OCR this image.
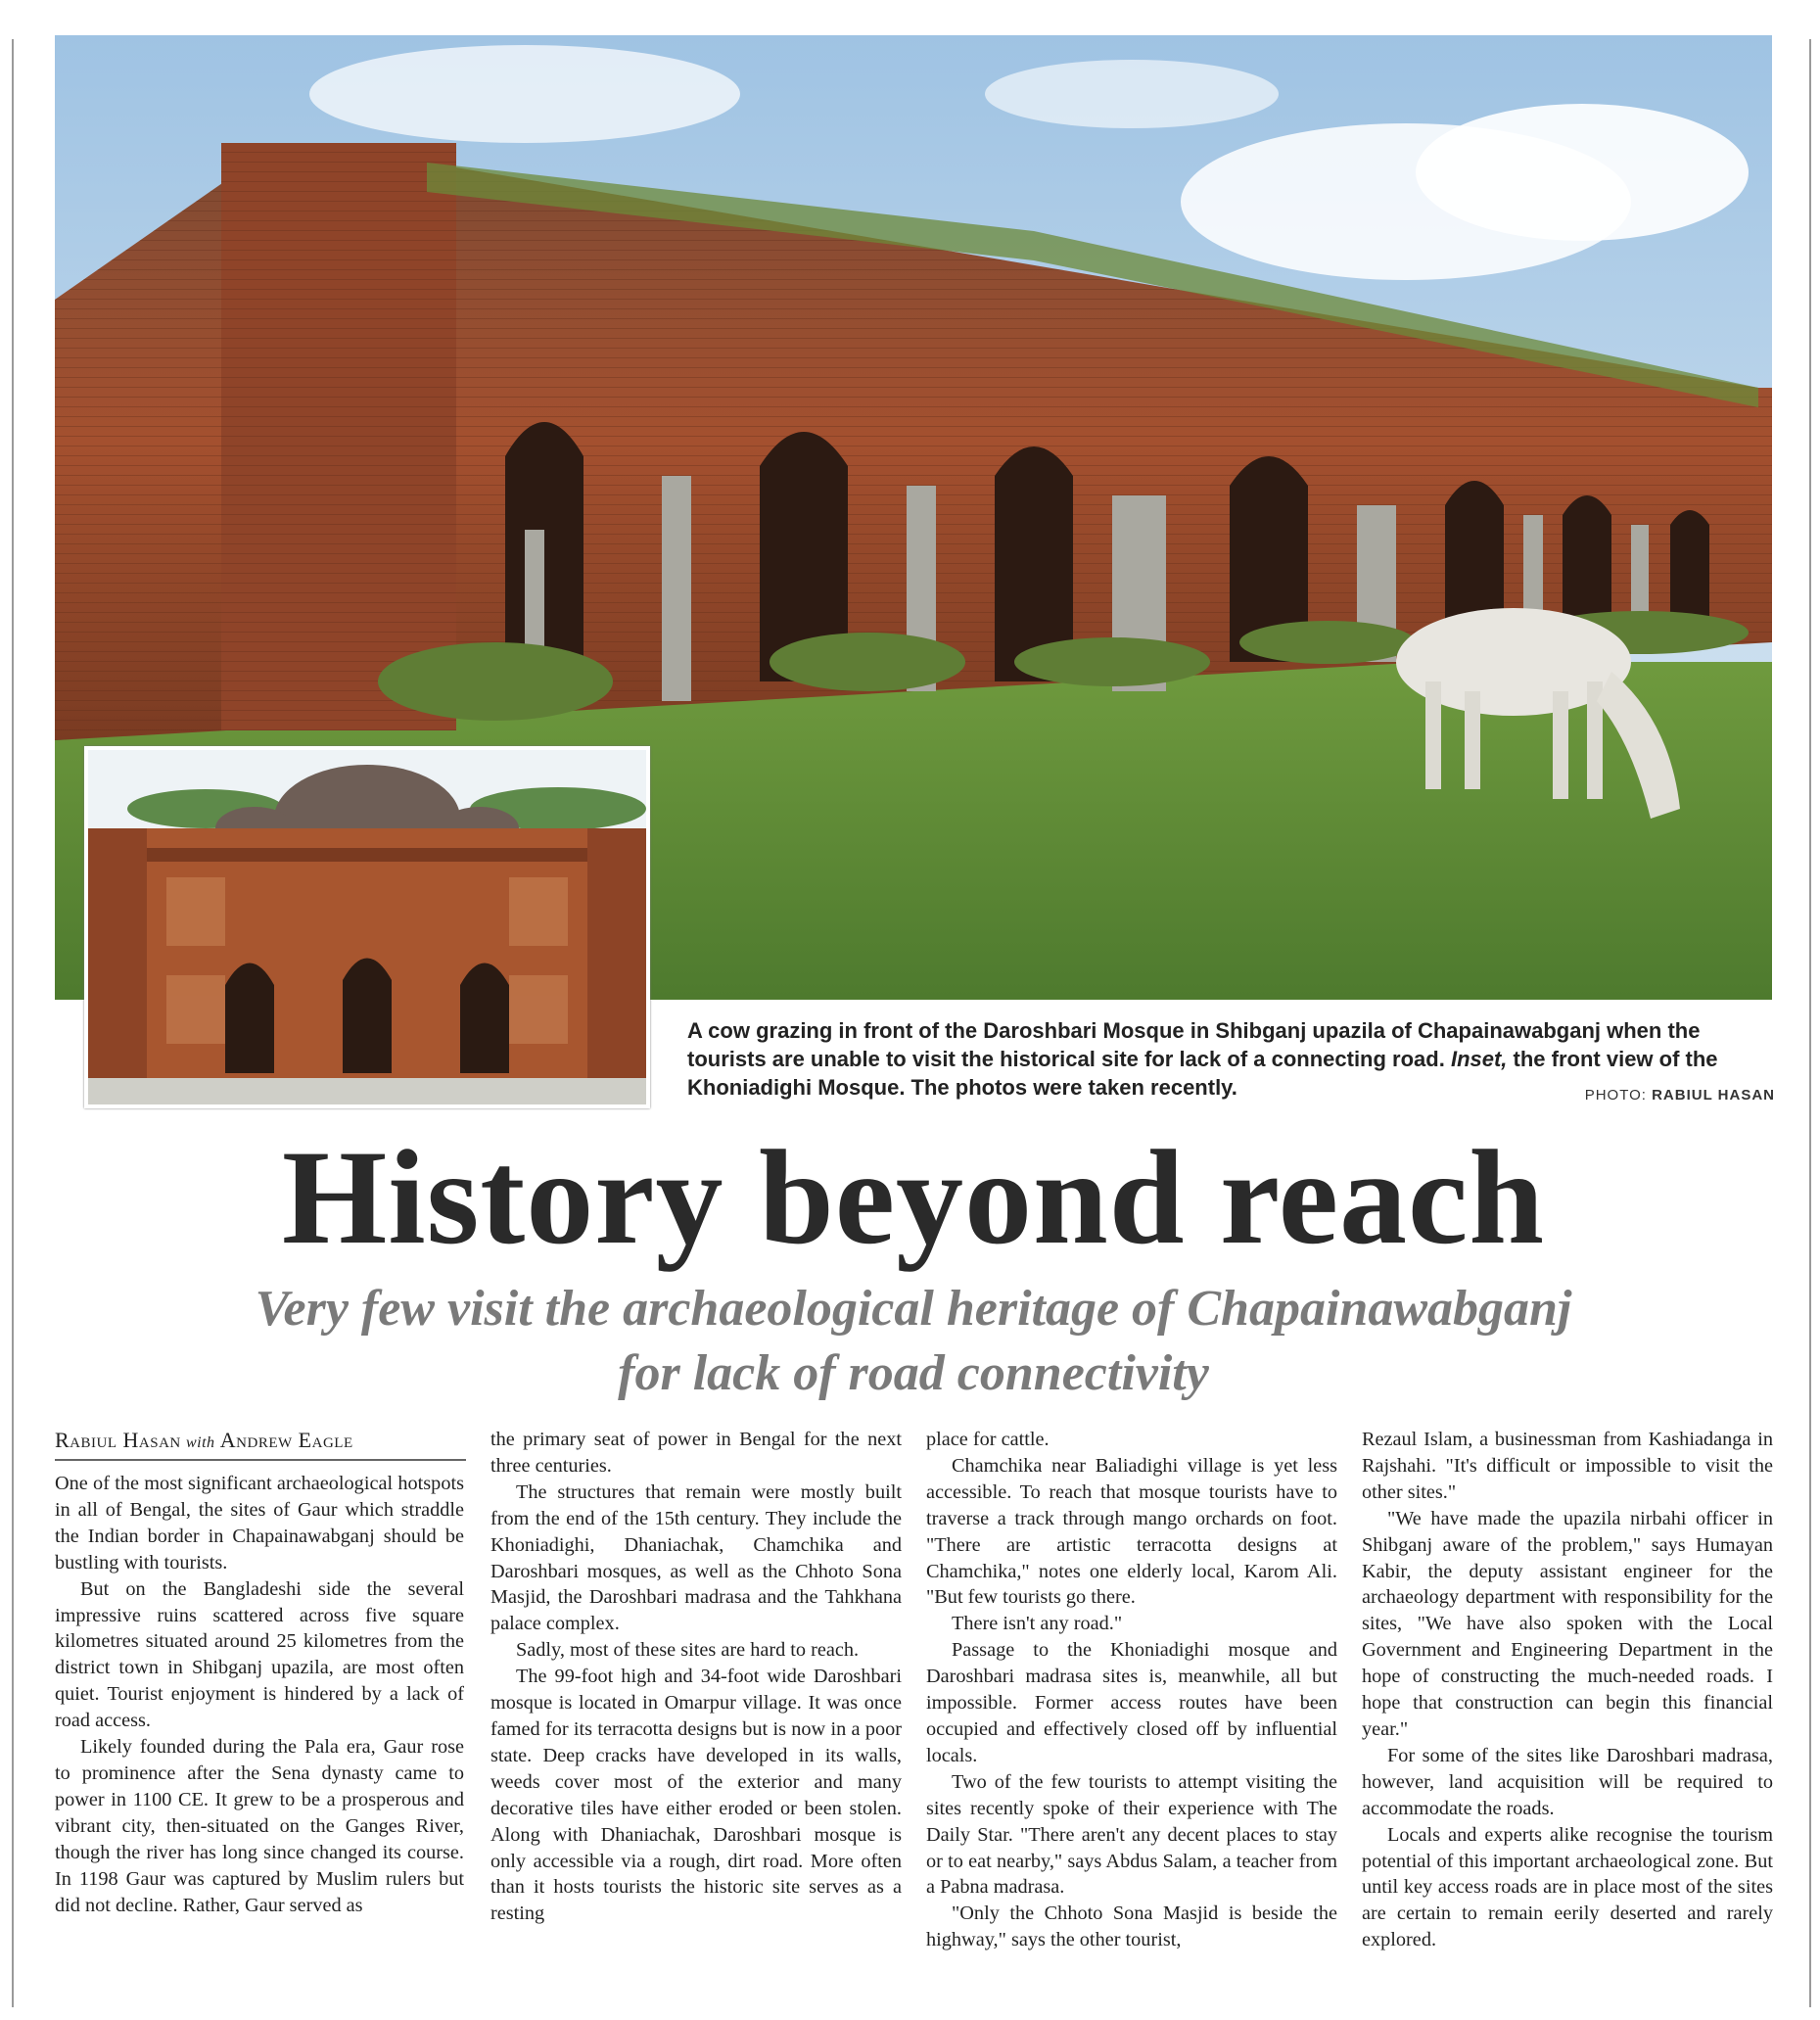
A cow grazing in front of the Daroshbari Mosque in Shibganj upazila of Chapainawabganj when the tourists are unable to visit the historical site for lack of a connecting road. Inset, the front view of the Khoniadighi Mosque. The photos were taken recently.	PHOTO: RABIUL HASAN
History beyond reach
Very few visit the archaeological heritage of Chapainawabganj
for lack of road connectivity
Rabiul Hasan with Andrew Eagle

One of the most significant archaeological hotspots in all of Bengal, the sites of Gaur which straddle the Indian border in Chapainawabganj should be bustling with tourists.

But on the Bangladeshi side the several impressive ruins scattered across five square kilometres situated around 25 kilometres from the district town in Shibganj upazila, are most often quiet. Tourist enjoyment is hindered by a lack of road access.

Likely founded during the Pala era, Gaur rose to prominence after the Sena dynasty came to power in 1100 CE. It grew to be a prosperous and vibrant city, then-situated on the Ganges River, though the river has long since changed its course. In 1198 Gaur was captured by Muslim rulers but did not decline. Rather, Gaur served as

the primary seat of power in Bengal for the next three centuries.

The structures that remain were mostly built from the end of the 15th century. They include the Khoniadighi, Dhaniachak, Chamchika and Daroshbari mosques, as well as the Chhoto Sona Masjid, the Daroshbari madrasa and the Tahkhana palace complex.

Sadly, most of these sites are hard to reach.

The 99-foot high and 34-foot wide Daroshbari mosque is located in Omarpur village. It was once famed for its terracotta designs but is now in a poor state. Deep cracks have developed in its walls, weeds cover most of the exterior and many decorative tiles have either eroded or been stolen. Along with Dhaniachak, Daroshbari mosque is only accessible via a rough, dirt road. More often than it hosts tourists the historic site serves as a resting

place for cattle.

Chamchika near Baliadighi village is yet less accessible. To reach that mosque tourists have to traverse a track through mango orchards on foot. "There are artistic terracotta designs at Chamchika," notes one elderly local, Karom Ali. "But few tourists go there.

There isn't any road."

Passage to the Khoniadighi mosque and Daroshbari madrasa sites is, meanwhile, all but impossible. Former access routes have been occupied and effectively closed off by influential locals.

Two of the few tourists to attempt visiting the sites recently spoke of their experience with The Daily Star. "There aren't any decent places to stay or to eat nearby," says Abdus Salam, a teacher from a Pabna madrasa.

"Only the Chhoto Sona Masjid is beside the highway," says the other tourist,

Rezaul Islam, a businessman from Kashiadanga in Rajshahi. "It's difficult or impossible to visit the other sites."

"We have made the upazila nirbahi officer in Shibganj aware of the problem," says Humayan Kabir, the deputy assistant engineer for the archaeology department with responsibility for the sites, "We have also spoken with the Local Government and Engineering Department in the hope of constructing the much-needed roads. I hope that construction can begin this financial year."

For some of the sites like Daroshbari madrasa, however, land acquisition will be required to accommodate the roads.

Locals and experts alike recognise the tourism potential of this important archaeological zone. But until key access roads are in place most of the sites are certain to remain eerily deserted and rarely explored.
